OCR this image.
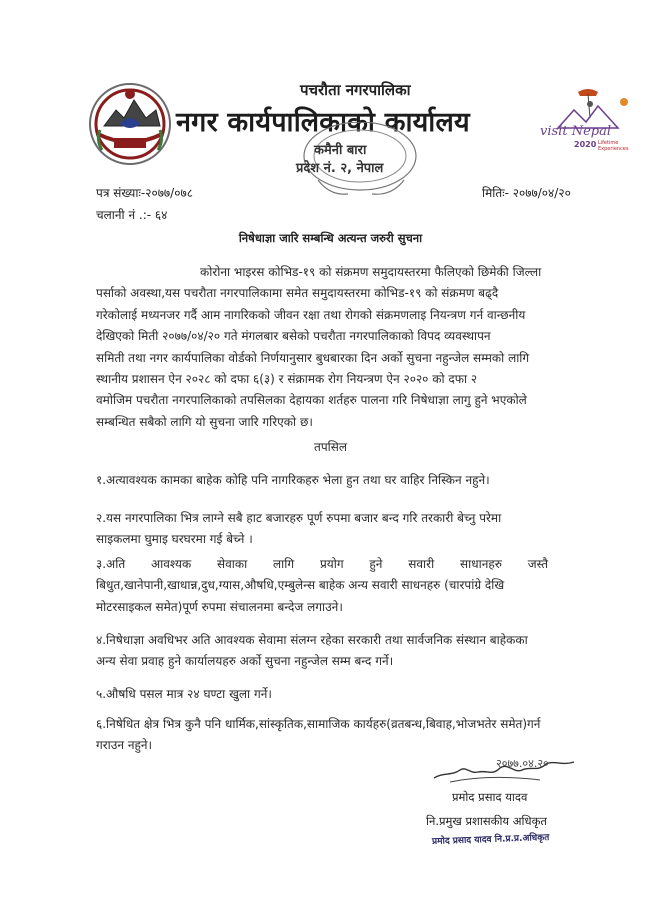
पचरौता नगरपालिका
नगर कार्यपालिकाको कार्यालय
कमैनी बारा
प्रदेश नं. २, नेपाल
visit Nepal
2020 Lifetime Experiences
पत्र संख्याः-२०७७/०७८
चलानी नं .:- ६४
मितिः- २०७७/०४/२०
निषेधाज्ञा जारि सम्बन्धि अत्यन्त जरुरी सुचना
कोरोना भाइरस कोभिड-१९ को संक्रमण समुदायस्तरमा फैलिएको छिमेकी जिल्ला
पर्साको अवस्था,यस पचरौता नगरपालिकामा समेत समुदायस्तरमा कोभिड-१९ को संक्रमण बढ्दै
गरेकोलाई मध्यनजर गर्दै आम नागरिकको जीवन रक्षा तथा रोगको संक्रमणलाइ नियन्त्रण गर्न वान्छनीय
देखिएको मिती २०७७/०४/२० गते मंगलबार बसेको पचरौता नगरपालिकाको विपद व्यवस्थापन
समिती तथा नगर कार्यपालिका वोर्डको निर्णयानुसार बुधबारका दिन अर्को सुचना नहुन्जेल सम्मको लागि
स्थानीय प्रशासन ऐन २०२८ को दफा ६(३) र संक्रामक रोग नियन्त्रण ऐन २०२० को दफा २
वमोजिम पचरौता नगरपालिकाको तपसिलका देहायका शर्तहरु पालना गरि निषेधाज्ञा लागु हुने भएकोले
सम्बन्धित सबैको लागि यो सुचना जारि गरिएको छ।
तपसिल
१.अत्यावश्यक कामका बाहेक कोहि पनि नागरिकहरु भेला हुन तथा घर वाहिर निस्किन नहुने।
२.यस नगरपालिका भित्र लाग्ने सबै हाट बजारहरु पूर्ण रुपमा बजार बन्द गरि तरकारी बेच्नु परेमा
साइकलमा घुमाइ घरघरमा गई बेच्ने ।
३.अति आवश्यक सेवाका लागि प्रयोग हुने सवारी साधानहरु जस्तै
बिधुत,खानेपानी,खाधान्न,दुध,ग्यास,औषधि,एम्बुलेन्स बाहेक अन्य सवारी साधनहरु (चारपांग्रे देखि
मोटरसाइकल समेत)पूर्ण रुपमा संचालनमा बन्देज लगाउने।
४.निषेधाज्ञा अवधिभर अति आवश्यक सेवामा संलग्न रहेका सरकारी तथा सार्वजनिक संस्थान बाहेकका
अन्य सेवा प्रवाह हुने कार्यालयहरु अर्को सुचना नहुन्जेल सम्म बन्द गर्ने।
५.औषधि पसल मात्र २४ घण्टा खुला गर्ने।
६.निषेधित क्षेत्र भित्र कुनै पनि धार्मिक,सांस्कृतिक,सामाजिक कार्यहरु(व्रतबन्ध,बिवाह,भोजभतेर समेत)गर्न
गराउन नहुने।
२०७७.०४.२०
प्रमोद प्रसाद यादव
नि.प्रमुख प्रशासकीय अधिकृत
प्रमोद प्रसाद यादव नि.प्र.प्र.अधिकृत
